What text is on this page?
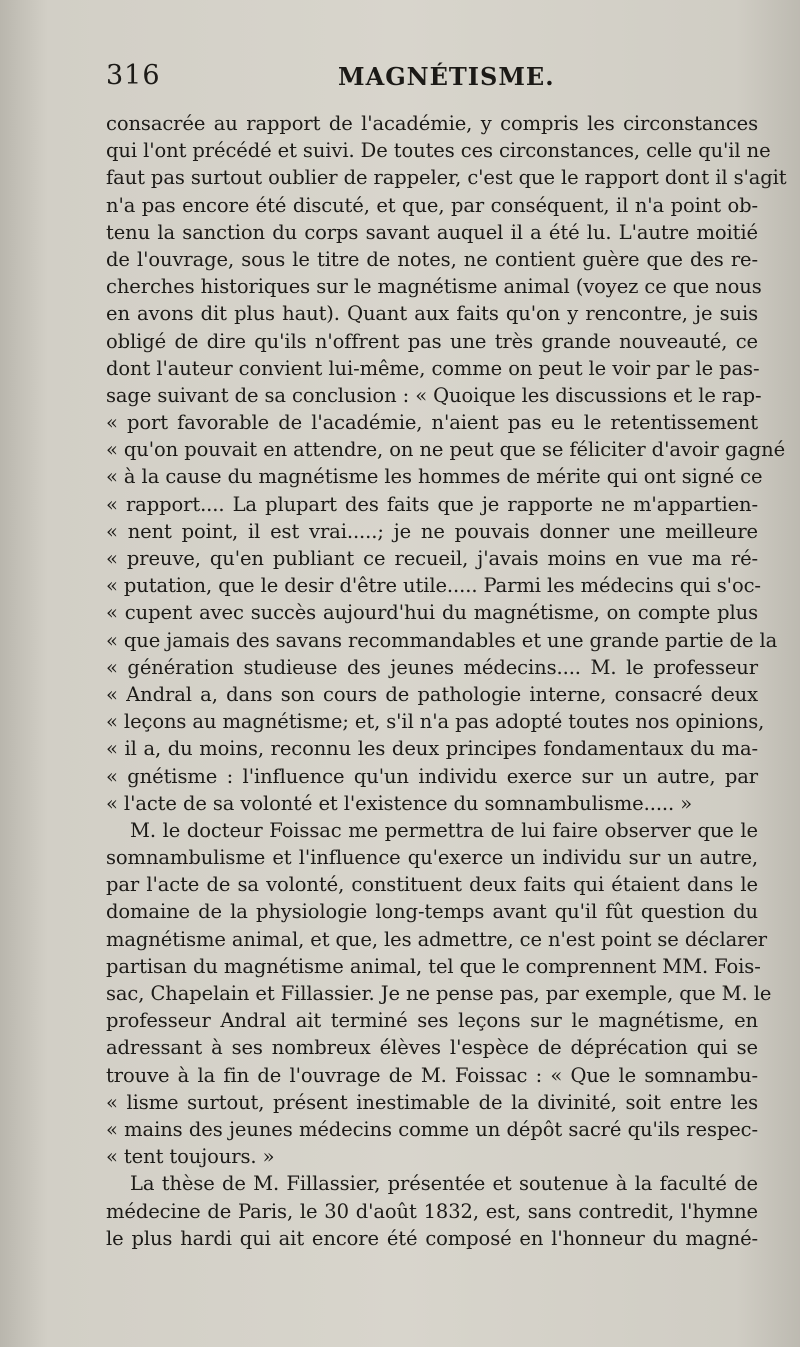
316	MAGNÉTISME.
consacrée au rapport de l'académie, y compris les circonstances
qui l'ont précédé et suivi. De toutes ces circonstances, celle qu'il ne
faut pas surtout oublier de rappeler, c'est que le rapport dont il s'agit
n'a pas encore été discuté, et que, par conséquent, il n'a point ob-
tenu la sanction du corps savant auquel il a été lu. L'autre moitié
de l'ouvrage, sous le titre de notes, ne contient guère que des re-
cherches historiques sur le magnétisme animal (voyez ce que nous
en avons dit plus haut). Quant aux faits qu'on y rencontre, je suis
obligé de dire qu'ils n'offrent pas une très grande nouveauté, ce
dont l'auteur convient lui-même, comme on peut le voir par le pas-
sage suivant de sa conclusion : « Quoique les discussions et le rap-
« port favorable de l'académie, n'aient pas eu le retentissement
« qu'on pouvait en attendre, on ne peut que se féliciter d'avoir gagné
« à la cause du magnétisme les hommes de mérite qui ont signé ce
« rapport.... La plupart des faits que je rapporte ne m'appartien-
« nent point, il est vrai.....; je ne pouvais donner une meilleure
« preuve, qu'en publiant ce recueil, j'avais moins en vue ma ré-
« putation, que le desir d'être utile..... Parmi les médecins qui s'oc-
« cupent avec succès aujourd'hui du magnétisme, on compte plus
« que jamais des savans recommandables et une grande partie de la
« génération studieuse des jeunes médecins.... M. le professeur
« Andral a, dans son cours de pathologie interne, consacré deux
« leçons au magnétisme; et, s'il n'a pas adopté toutes nos opinions,
« il a, du moins, reconnu les deux principes fondamentaux du ma-
« gnétisme : l'influence qu'un individu exerce sur un autre, par
« l'acte de sa volonté et l'existence du somnambulisme..... »
M. le docteur Foissac me permettra de lui faire observer que le
somnambulisme et l'influence qu'exerce un individu sur un autre,
par l'acte de sa volonté, constituent deux faits qui étaient dans le
domaine de la physiologie long-temps avant qu'il fût question du
magnétisme animal, et que, les admettre, ce n'est point se déclarer
partisan du magnétisme animal, tel que le comprennent MM. Fois-
sac, Chapelain et Fillassier. Je ne pense pas, par exemple, que M. le
professeur Andral ait terminé ses leçons sur le magnétisme, en
adressant à ses nombreux élèves l'espèce de déprécation qui se
trouve à la fin de l'ouvrage de M. Foissac : « Que le somnambu-
« lisme surtout, présent inestimable de la divinité, soit entre les
« mains des jeunes médecins comme un dépôt sacré qu'ils respec-
« tent toujours. »
La thèse de M. Fillassier, présentée et soutenue à la faculté de
médecine de Paris, le 30 d'août 1832, est, sans contredit, l'hymne
le plus hardi qui ait encore été composé en l'honneur du magné-
